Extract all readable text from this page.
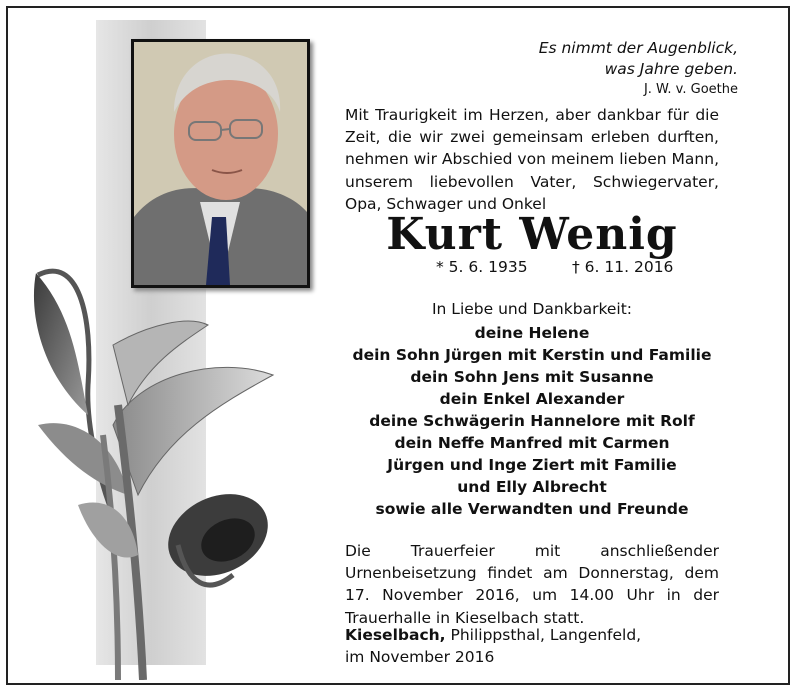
Es nimmt der Augenblick,
was Jahre geben.
J. W. v. Goethe
Mit Traurigkeit im Herzen, aber dankbar für die Zeit, die wir zwei gemeinsam erleben durften, nehmen wir Abschied von meinem lieben Mann, unserem liebevollen Vater, Schwiegervater, Opa, Schwager und Onkel
Kurt Wenig
* 5. 6. 1935	† 6. 11. 2016
In Liebe und Dankbarkeit:
deine Helene
dein Sohn Jürgen mit Kerstin und Familie
dein Sohn Jens mit Susanne
dein Enkel Alexander
deine Schwägerin Hannelore mit Rolf
dein Neffe Manfred mit Carmen
Jürgen und Inge Ziert mit Familie
und Elly Albrecht
sowie alle Verwandten und Freunde
Die Trauerfeier mit anschließender Urnenbeisetzung findet am Donnerstag, dem 17. November 2016, um 14.00 Uhr in der Trauerhalle in Kieselbach statt.
Kieselbach, Philippsthal, Langenfeld,
im November 2016
